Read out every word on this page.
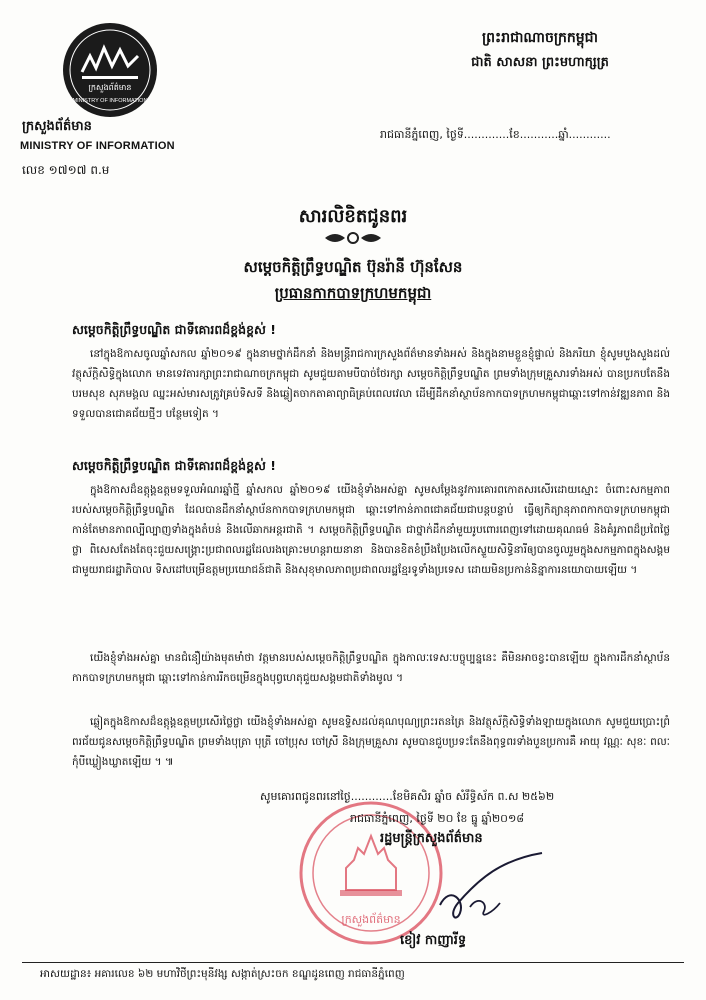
ក្រសួងព័ត៌មាន
MINISTRY OF INFORMATION
ក្រសួងព័ត៌មាន
MINISTRY OF INFORMATION
លេខ ១៧១៧ ព.ម
ព្រះរាជាណាចក្រកម្ពុជា
ជាតិ សាសនា ព្រះមហាក្សត្រ
រាជធានីភ្នំពេញ, ថ្ងៃទី.............ខែ...........ឆ្នាំ............
សារលិខិតជូនពរ
សម្តេចកិត្តិព្រឹទ្ធបណ្ឌិត ប៊ុនរ៉ានី ហ៊ុនសែន
ប្រធានកាកបាទក្រហមកម្ពុជា
សម្តេចកិត្តិព្រឹទ្ធបណ្ឌិត ជាទីគោរពដ៏ខ្ពង់ខ្ពស់ !
នៅក្នុងឱកាសចូលឆ្នាំសកល ឆ្នាំ២០១៩ ក្នុងនាមថ្នាក់ដឹកនាំ និងមន្ត្រីរាជការក្រសួងព័ត៌មានទាំងអស់ និងក្នុងនាមខ្លួនខ្ញុំផ្ទាល់ និងភរិយា ខ្ញុំសូមបួងសួងដល់វត្ថុស័ក្តិសិទ្ធិក្នុងលោក មានទេវតារក្សាព្រះរាជាណាចក្រកម្ពុជា សូមជួយតាមបីបាច់ថែរក្សា សម្តេចកិត្តិព្រឹទ្ធបណ្ឌិត ព្រមទាំងក្រុមគ្រួសារទាំងអស់ បានប្រកបតែនឹងបរមសុខ សុភមង្គល ឈ្នះអស់មារសត្រូវគ្រប់ទិសទី និងឆ្លៀតចាកតាគាព្យាធិគ្រប់ពេលវេលា ដើម្បីដឹកនាំស្ថាប័នកាកបាទក្រហមកម្ពុជាឆ្ពោះទៅកាន់វឌ្ឍនភាព និងទទួលបានជោគជ័យថ្មីៗ បន្ថែមទៀត ។
សម្តេចកិត្តិព្រឹទ្ធបណ្ឌិត ជាទីគោរពដ៏ខ្ពង់ខ្ពស់ !
ក្នុងឱកាសដ៏ឧត្តុង្គឧត្តមទទួលអំណរឆ្នាំថ្មី ឆ្នាំសកល ឆ្នាំ២០១៩ យើងខ្ញុំទាំងអស់គ្នា សូមសម្តែងនូវការគោរពកោតសរសើរដោយស្មោះ ចំពោះសកម្មភាពរបស់សម្តេចកិត្តិព្រឹទ្ធបណ្ឌិត ដែលបានដឹកនាំស្ថាប័នកាកបាទក្រហមកម្ពុជា ឆ្ពោះទៅកាន់ភាពជោគជ័យជាបន្តបន្ទាប់ ធ្វើឲ្យកិត្យានុភាពកាកបាទក្រហមកម្ពុជា កាន់តែមានភាពល្បីល្បាញទាំងក្នុងតំបន់ និងលើឆាកអន្តរជាតិ ។ សម្តេចកិត្តិព្រឹទ្ធបណ្ឌិត ជាថ្នាក់ដឹកនាំមួយរូបពោរពេញទៅដោយគុណធម៌ និងគំរូភាពដ៏ប្រពៃថ្លៃថ្លា ពិសេសតែងតែចុះជួយសង្គ្រោះប្រជាពលរដ្ឋដែលរងគ្រោះមហន្តរាយនានា និងបានខិតខំប្រឹងប្រែងលើកស្ទួយសិទ្ធិនារីឲ្យបានចូលរួមក្នុងសកម្មភាពក្នុងសង្គមជាមួយរាជរដ្ឋាភិបាល ទិសដៅបម្រើឧត្តមប្រយោជន៍ជាតិ និងសុខុមាលភាពប្រជាពលរដ្ឋខ្មែរទូទាំងប្រទេស ដោយមិនប្រកាន់និន្នាការនយោបាយឡើយ ។
យើងខ្ញុំទាំងអស់គ្នា មានជំនឿយ៉ាងមុតមាំថា វត្តមានរបស់សម្តេចកិត្តិព្រឹទ្ធបណ្ឌិត ក្នុងកាលៈទេសៈបច្ចុប្បន្ននេះ គឺមិនអាចខ្វះបានឡើយ ក្នុងការដឹកនាំស្ថាប័នកាកបាទក្រហមកម្ពុជា ឆ្ពោះទៅកាន់ការរីកចម្រើនក្នុងបុព្វហេតុជួយសង្គមជាតិទាំងមូល ។
ឆ្លៀតក្នុងឱកាសដ៏ឧត្តុង្គឧត្តមប្រសើរថ្លៃថ្លា យើងខ្ញុំទាំងអស់គ្នា សូមឧទ្ទិសដល់គុណបុណ្យព្រះរតនត្រៃ និងវត្ថុស័ក្តិសិទ្ធិទាំងឡាយក្នុងលោក សូមជួយប្រោះព្រំពរជ័យជូនសម្តេចកិត្តិព្រឹទ្ធបណ្ឌិត ព្រមទាំងបុត្រា បុត្រី ចៅប្រុស ចៅស្រី និងក្រុមគ្រួសារ សូមបានជួបប្រទះតែនឹងពុទ្ធពរទាំងបួនប្រការគឺ អាយុ វណ្ណៈ សុខៈ ពលៈ កុំបីឃ្លៀងឃ្លាតឡើយ ។ ៕
ក្រសួងព័ត៌មាន
សូមគោរពជូនពរនៅថ្ងៃ............ខែមិគសិរ ឆ្នាំច សំរឹទ្ធិស័ក ព.ស ២៥៦២
រាជធានីភ្នំពេញ, ថ្ងៃទី ២០ ខែ ធ្នូ ឆ្នាំ២០១៨
រដ្ឋមន្ត្រីក្រសួងព័ត៌មាន
ខៀវ កាញារីទ្ធ
អាសយដ្ឋាន៖ អគារលេខ ៦២ មហាវិថីព្រះមុនីវង្ស សង្កាត់ស្រះចក ខណ្ឌដូនពេញ រាជធានីភ្នំពេញ
